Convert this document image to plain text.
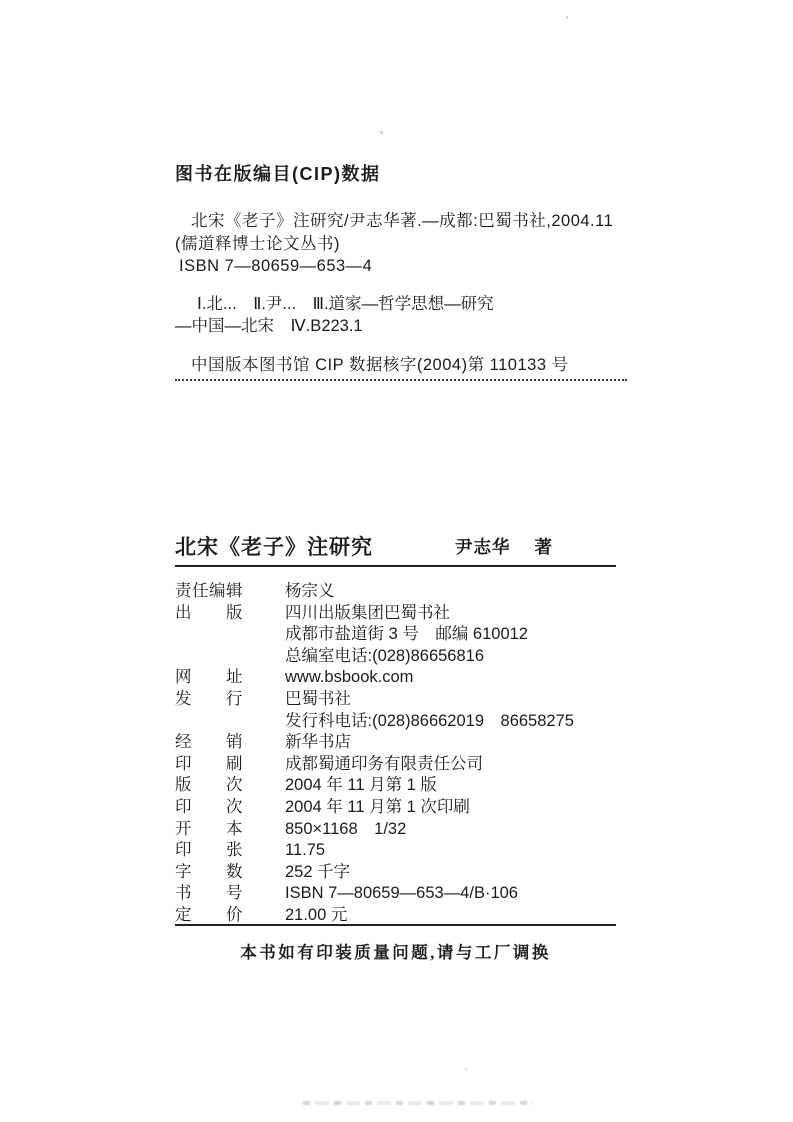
图书在版编目(CIP)数据

北宋《老子》注研究/尹志华著.—成都:巴蜀书社,2004.11
(儒道释博士论文丛书)
ISBN 7—80659—653—4

Ⅰ.北...　Ⅱ.尹...　Ⅲ.道家—哲学思想—研究
—中国—北宋　Ⅳ.B223.1

中国版本图书馆 CIP 数据核字(2004)第 110133 号

北宋《老子》注研究	尹志华 著
责任编辑	杨宗义
出　　版	四川出版集团巴蜀书社
成都市盐道街 3 号　邮编 610012
总编室电话:(028)86656816
网　　址	www.bsbook.com
发　　行	巴蜀书社
发行科电话:(028)86662019　86658275
经　　销	新华书店
印　　刷	成都蜀通印务有限责任公司
版　　次	2004 年 11 月第 1 版
印　　次	2004 年 11 月第 1 次印刷
开　　本	850×1168　1/32
印　　张	11.75
字　　数	252 千字
书　　号	ISBN 7—80659—653—4/B·106
定　　价	21.00 元
本书如有印装质量问题,请与工厂调换
